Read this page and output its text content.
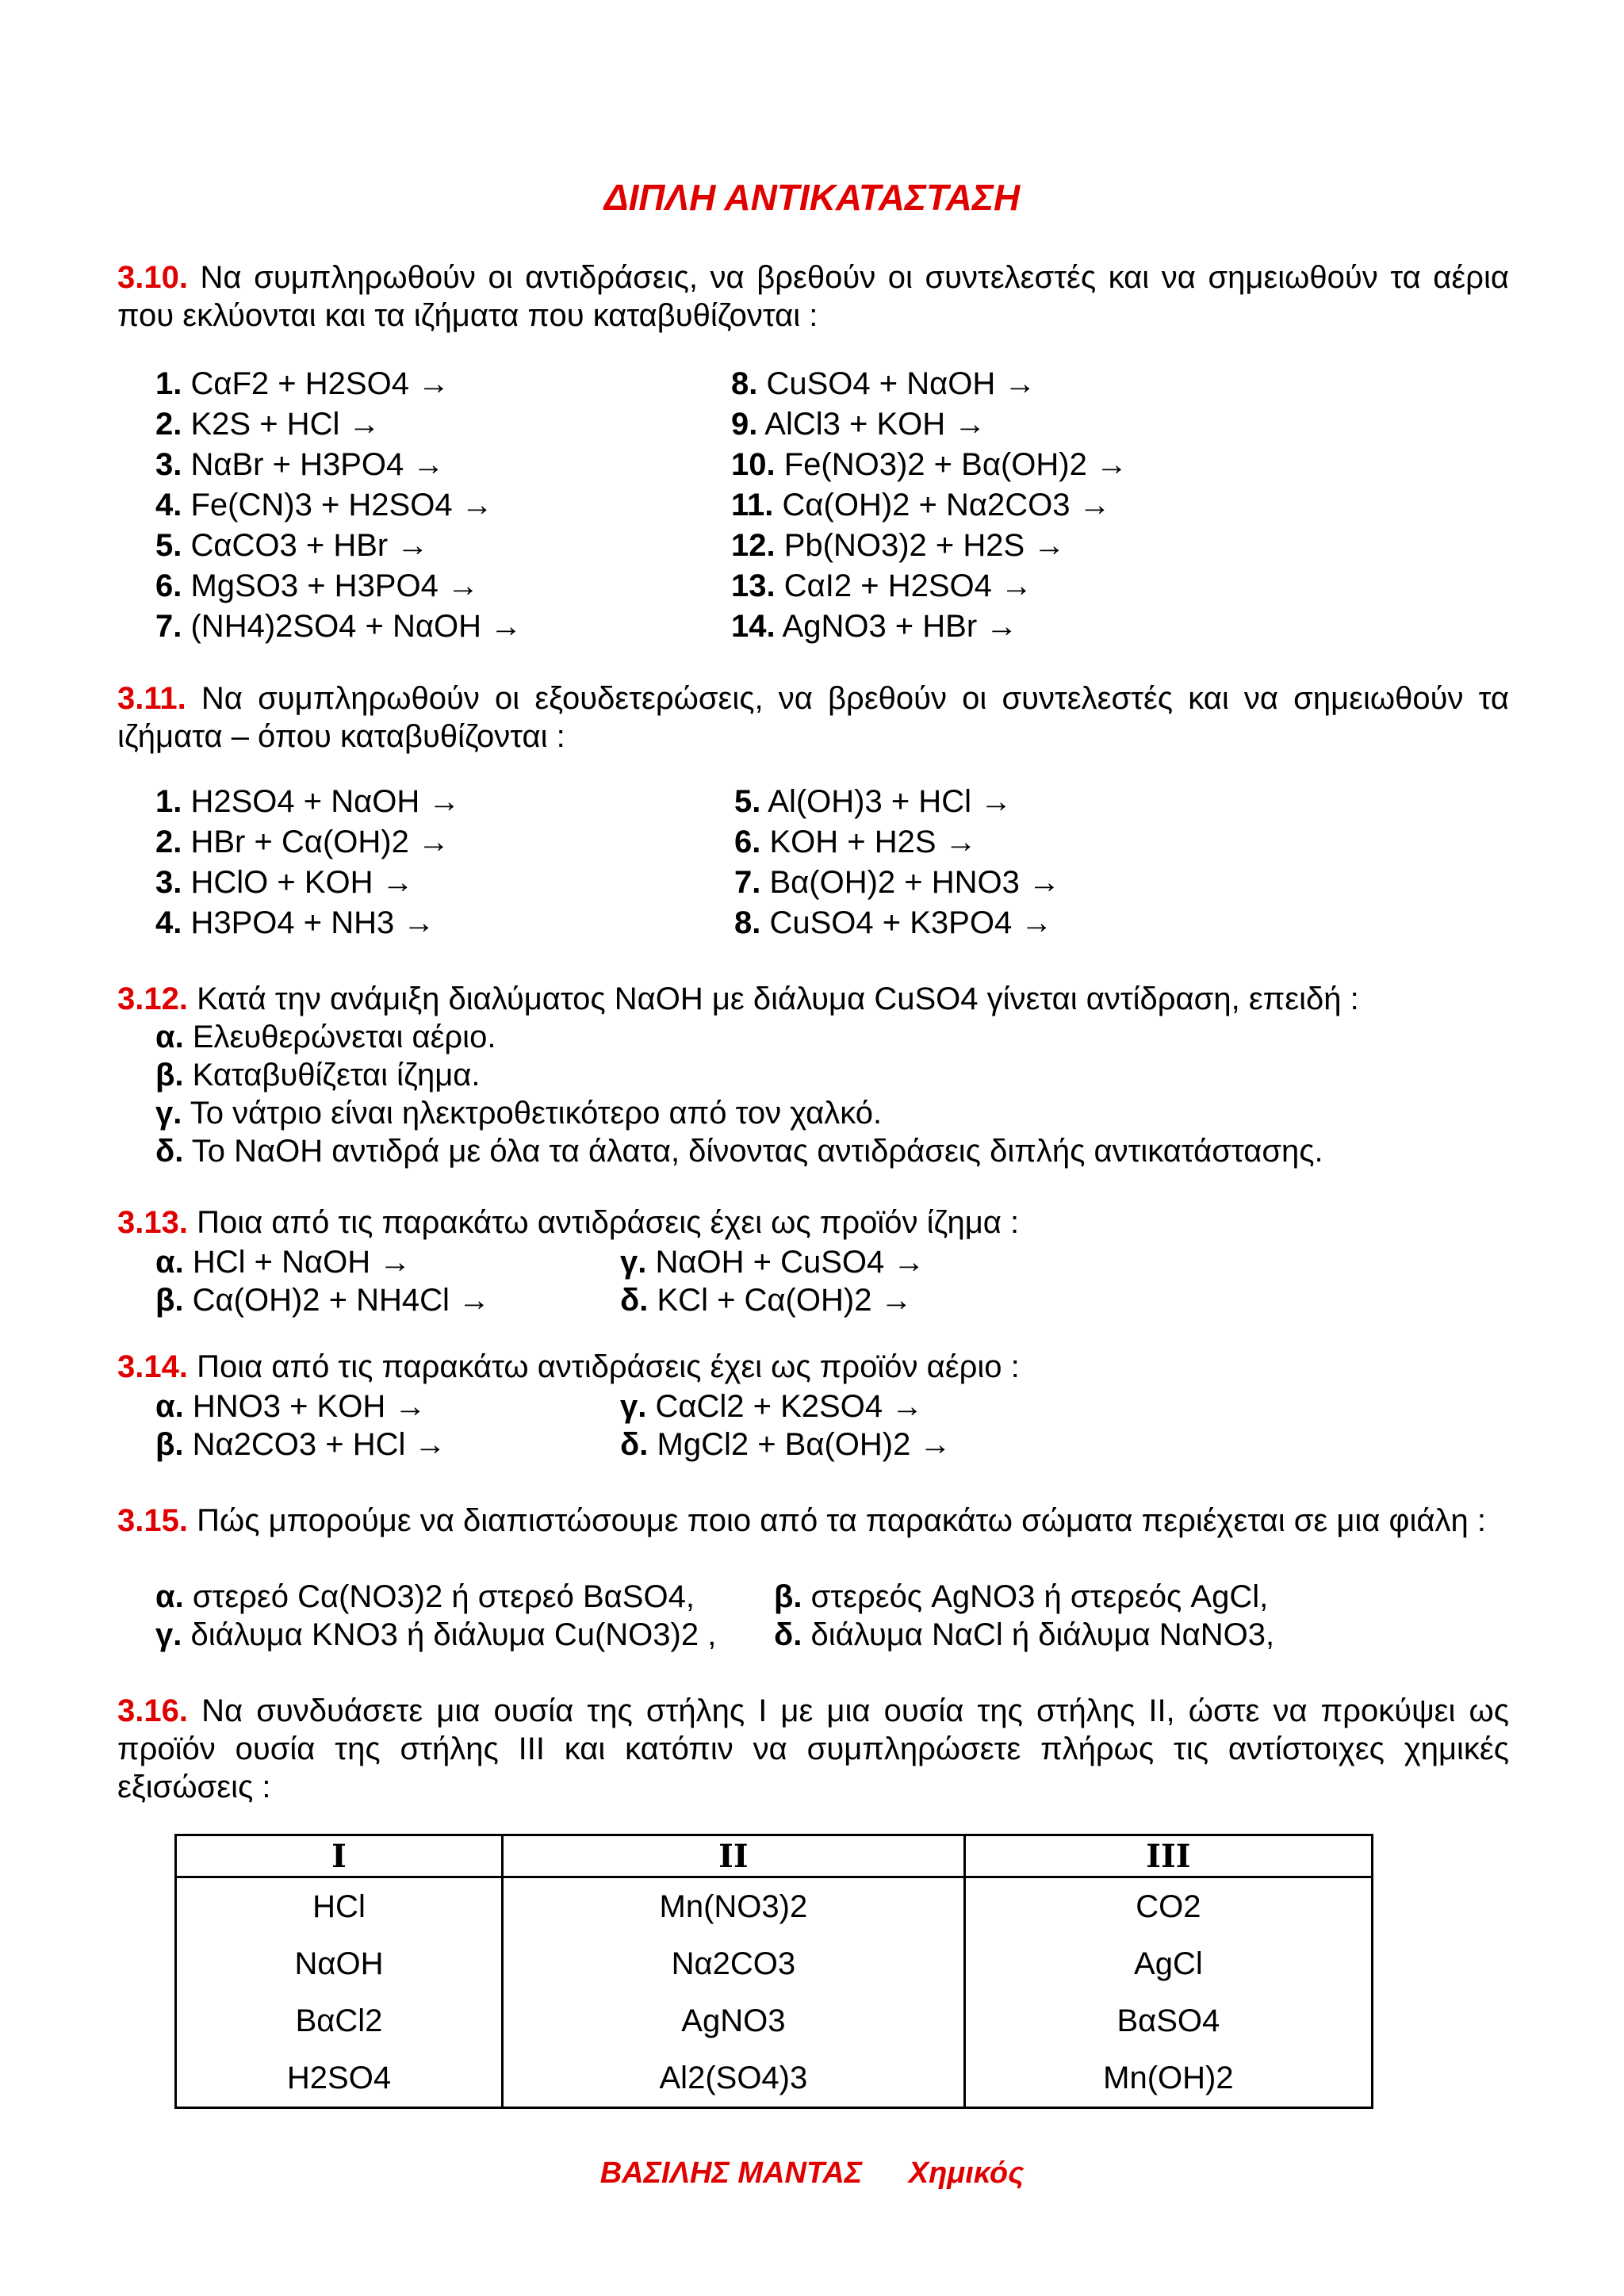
ΔΙΠΛΗ ΑΝΤΙΚΑΤΑΣΤΑΣΗ
3.10. Να συμπληρωθούν οι αντιδράσεις, να βρεθούν οι συντελεστές και να σημειωθούν τα αέρια που εκλύονται και τα ιζήματα που καταβυθίζονται :
1. CαF2 + H2SO4 →
2. K2S + HCl →
3. NαBr + H3PO4 →
4. Fe(CN)3 + H2SO4 →
5. CαCO3 + HBr →
6. MgSO3 + H3PO4 →
7. (NH4)2SO4 + NαOH →
8. CuSO4 + NαOH →
9. AlCl3 + KOH →
10. Fe(NO3)2 + Bα(OH)2 →
11. Cα(OH)2 + Nα2CO3 →
12. Pb(NO3)2 + H2S →
13. CαI2 + H2SO4 →
14. AgNO3 + HBr →
3.11. Να συμπληρωθούν οι εξουδετερώσεις, να βρεθούν οι συντελεστές και να σημειωθούν τα ιζήματα – όπου καταβυθίζονται :
1. H2SO4 + NαOH →
2. HBr + Cα(OH)2 →
3. HClO + KOH →
4. H3PO4 + NH3 →
5. Al(OH)3 + HCl →
6. KOH + H2S →
7. Bα(OH)2 + HNO3 →
8. CuSO4 + K3PO4 →
3.12. Κατά την ανάμιξη διαλύματος NαOH με διάλυμα CuSO4 γίνεται αντίδραση, επειδή :
α. Ελευθερώνεται αέριο.
β. Καταβυθίζεται ίζημα.
γ. Το νάτριο είναι ηλεκτροθετικότερο από τον χαλκό.
δ. Το NαOH αντιδρά με όλα τα άλατα, δίνοντας αντιδράσεις διπλής αντικατάστασης.
3.13. Ποια από τις παρακάτω αντιδράσεις έχει ως προϊόν ίζημα :
α. HCl + NαOH →
β. Cα(OH)2 + NH4Cl →
γ. NαOH + CuSO4 →
δ. KCl + Cα(OH)2 →
3.14. Ποια από τις παρακάτω αντιδράσεις έχει ως προϊόν αέριο :
α. HNO3 + KOH →
β. Nα2CO3 + HCl →
γ. CαCl2 + K2SO4 →
δ. MgCl2 + Bα(OH)2 →
3.15. Πώς μπορούμε να διαπιστώσουμε ποιο από τα παρακάτω σώματα περιέχεται σε μια φιάλη :
α. στερεό Cα(NO3)2 ή στερεό BαSO4,
γ. διάλυμα KNO3 ή διάλυμα Cu(NO3)2 ,
β. στερεός AgNO3 ή στερεός AgCl,
δ. διάλυμα NαCl ή διάλυμα NαNO3,
3.16. Να συνδυάσετε μια ουσία της στήλης I με μια ουσία της στήλης II, ώστε να προκύψει ως προϊόν ουσία της στήλης III και κατόπιν να συμπληρώσετε πλήρως τις αντίστοιχες χημικές εξισώσεις :
I	II	III
HCl	Mn(NO3)2	CO2
NαOH	Nα2CO3	AgCl
BαCl2	AgNO3	BαSO4
H2SO4	Al2(SO4)3	Mn(OH)2
ΒΑΣΙΛΗΣ ΜΑΝΤΑΣ Χημικός
